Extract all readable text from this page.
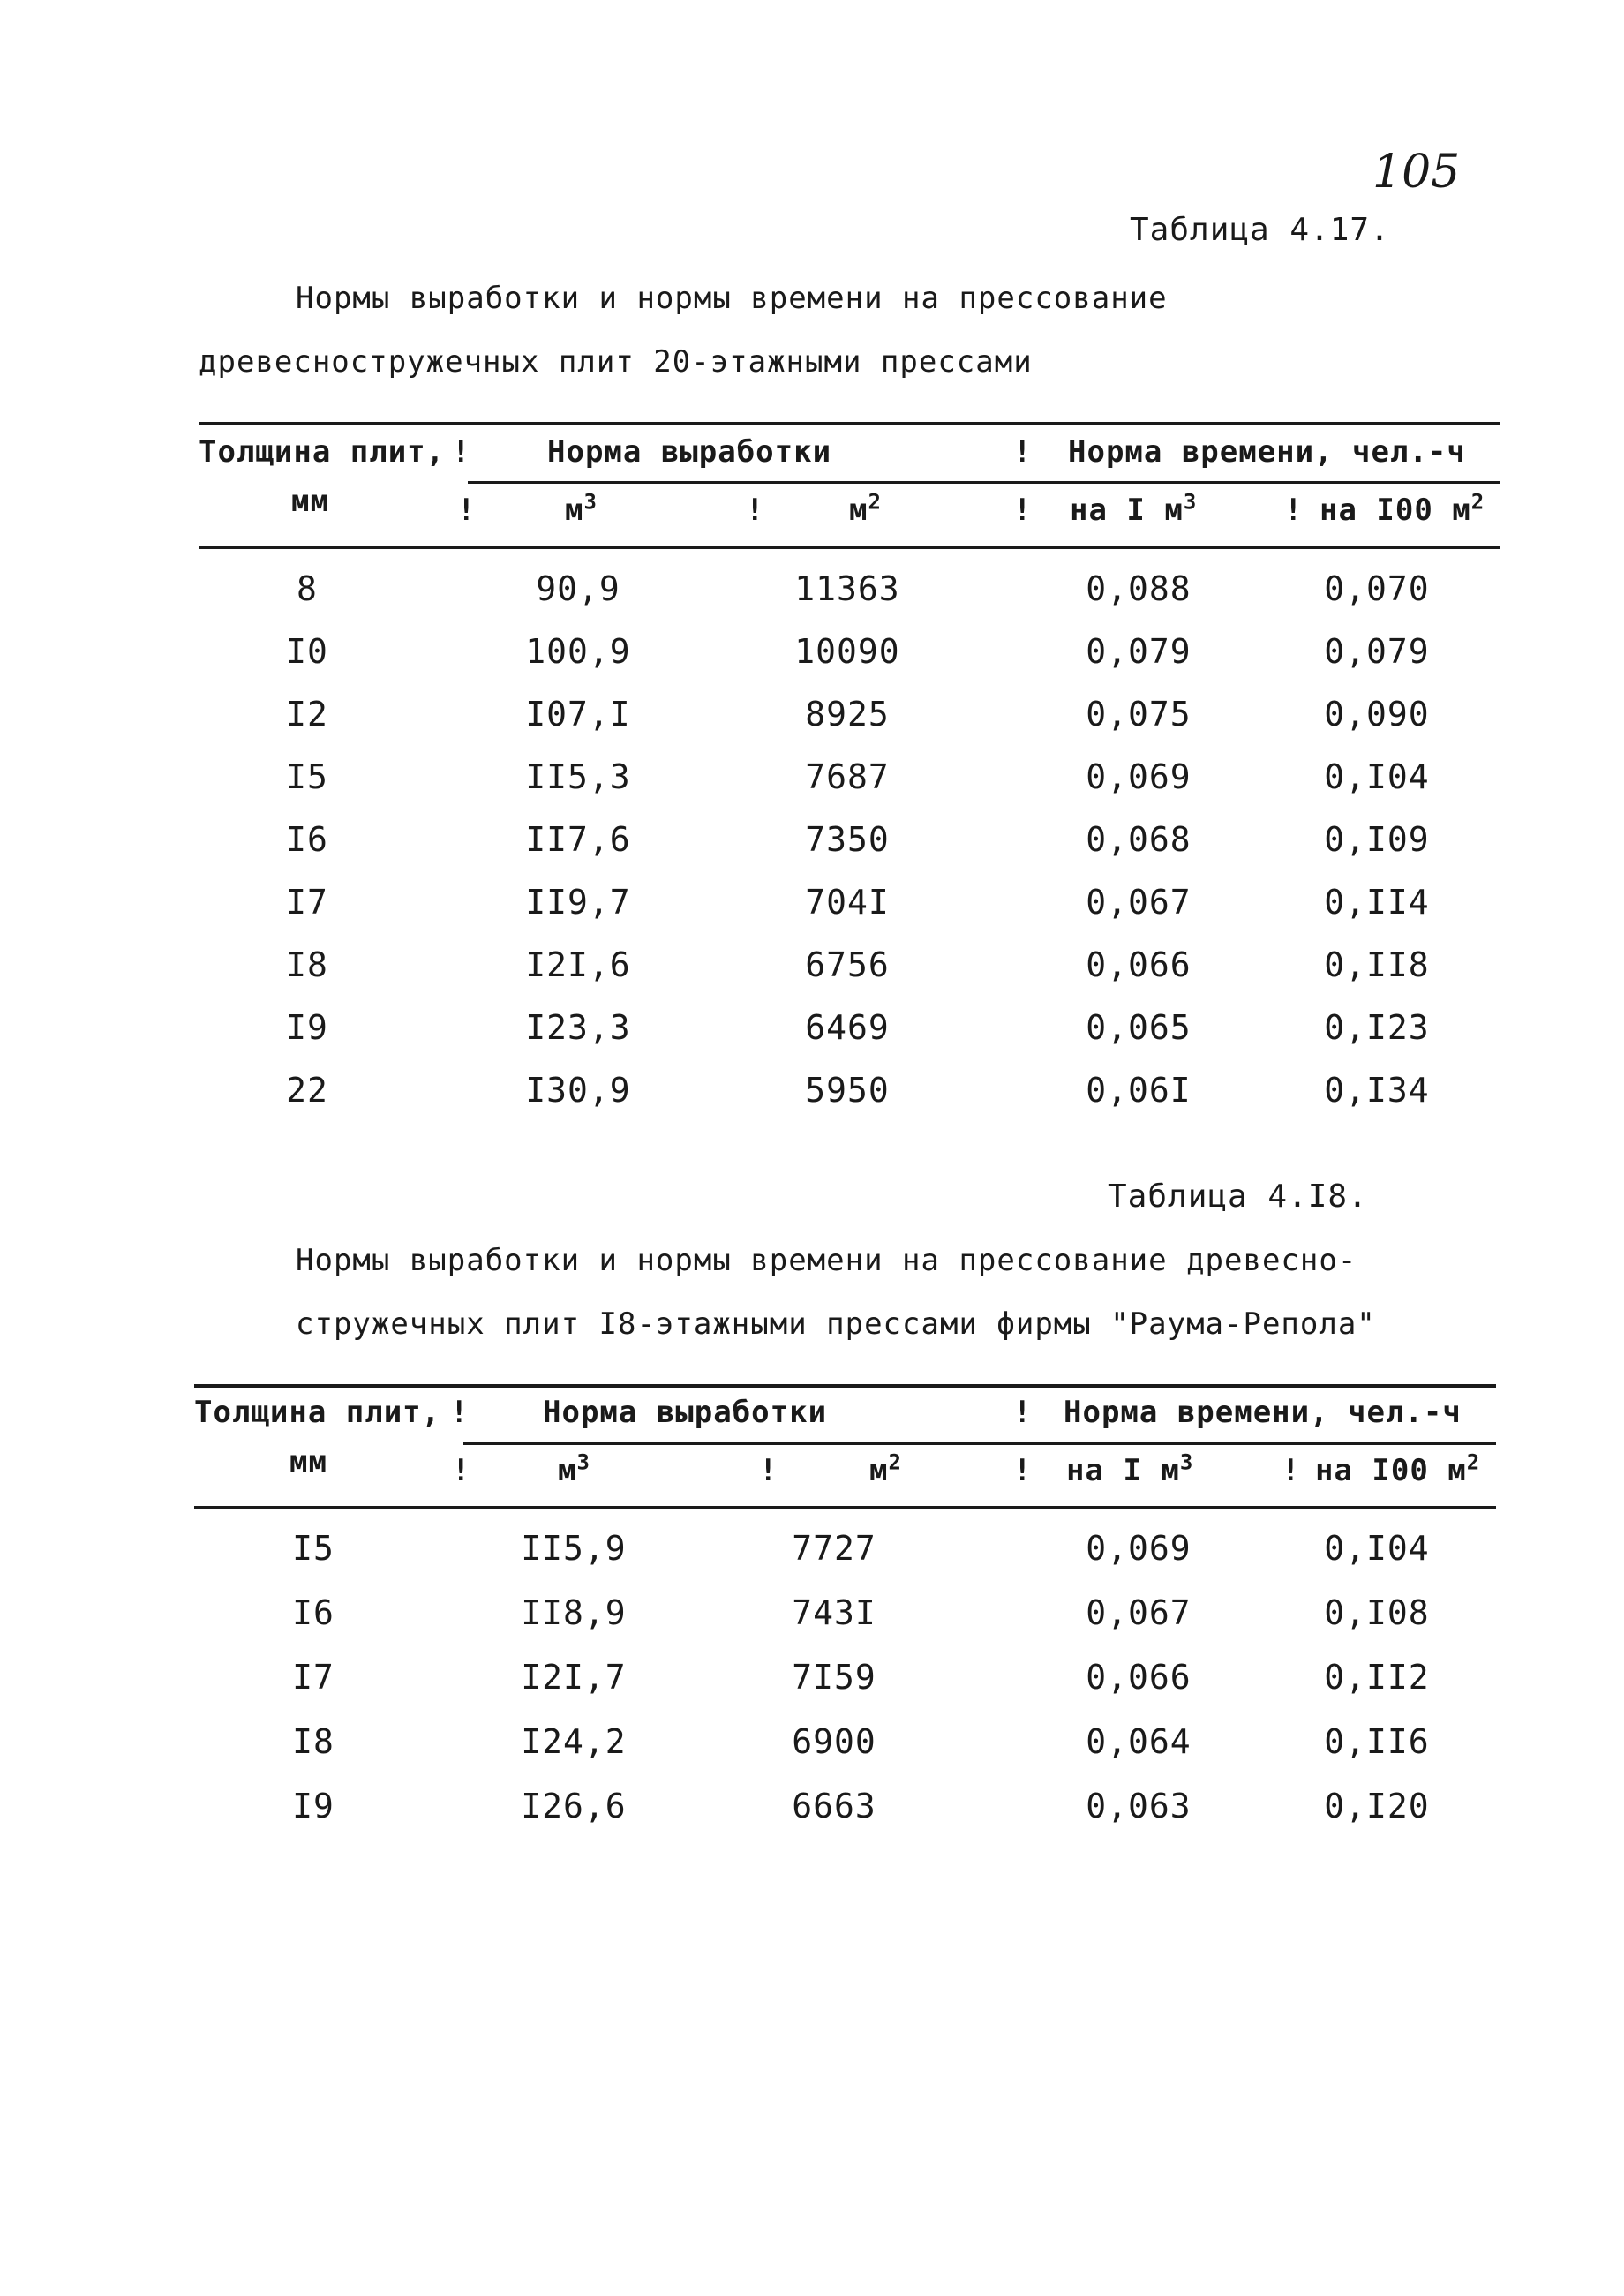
105
Таблица 4.17.
Нормы выработки и нормы времени на прессование
древесностружечных плит 20-этажными прессами
Толщина плит, !	Норма выработки	! Норма времени, чел.-ч
мм	!	$м^3$	!	$м^2$	! на I $м^3$	! на I00 $м^2$
8	90,9	11363	0,088	0,070
I0	100,9	10090	0,079	0,079
I2	I07,I	8925	0,075	0,090
I5	II5,3	7687	0,069	0,I04
I6	II7,6	7350	0,068	0,I09
I7	II9,7	704I	0,067	0,II4
I8	I2I,6	6756	0,066	0,II8
I9	I23,3	6469	0,065	0,I23
22	I30,9	5950	0,06I	0,I34
Таблица 4.I8.
Нормы выработки и нормы времени на прессование древесно-
стружечных плит I8-этажными прессами фирмы "Раума-Репола"
Толщина плит, ! Норма выработки	! Норма времени, чел.-ч
мм	!	$м^3$	!	$м^2$	! на I $м^3$	! на I00 $м^2$
I5	II5,9	7727	0,069	0,I04
I6	II8,9	743I	0,067	0,I08
I7	I2I,7	7I59	0,066	0,II2
I8	I24,2	6900	0,064	0,II6
I9	I26,6	6663	0,063	0,I20
